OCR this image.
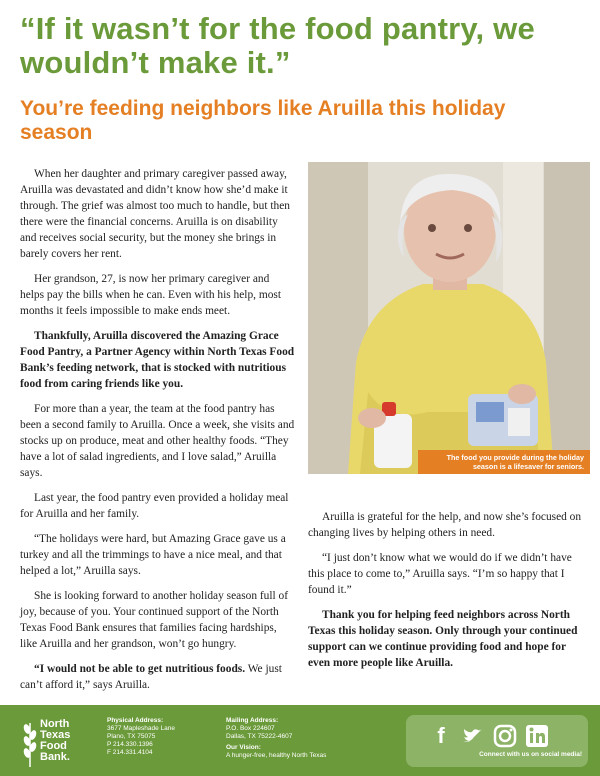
“If it wasn’t for the food pantry, we wouldn’t make it.”
You’re feeding neighbors like Aruilla this holiday season

When her daughter and primary caregiver passed away, Aruilla was devastated and didn’t know how she’d make it through. The grief was almost too much to handle, but then there were the financial concerns. Aruilla is on disability and receives social security, but the money she brings in barely covers her rent.

Her grandson, 27, is now her primary caregiver and helps pay the bills when he can. Even with his help, most months it feels impossible to make ends meet.

Thankfully, Aruilla discovered the Amazing Grace Food Pantry, a Partner Agency within North Texas Food Bank’s feeding network, that is stocked with nutritious food from caring friends like you.

For more than a year, the team at the food pantry has been a second family to Aruilla. Once a week, she visits and stocks up on produce, meat and other healthy foods. “They have a lot of salad ingredients, and I love salad,” Aruilla says.

Last year, the food pantry even provided a holiday meal for Aruilla and her family.

“The holidays were hard, but Amazing Grace gave us a turkey and all the trimmings to have a nice meal, and that helped a lot,” Aruilla says.

She is looking forward to another holiday season full of joy, because of you. Your continued support of the North Texas Food Bank ensures that families facing hardships, like Aruilla and her grandson, won’t go hungry.

“I would not be able to get nutritious foods. We just can’t afford it,” says Aruilla.

The food you provide during the holiday season is a lifesaver for seniors.

Aruilla is grateful for the help, and now she’s focused on changing lives by helping others in need.

“I just don’t know what we would do if we didn’t have this place to come to,” Aruilla says. “I’m so happy that I found it.”

Thank you for helping feed neighbors across North Texas this holiday season. Only through your continued support can we continue providing food and hope for even more people like Aruilla.

North
Texas
Food
Bank.
Physical Address:
3677 Mapleshade Lane
Plano, TX 75075
P 214.330.1396
F 214.331.4104
Mailing Address:
P.O. Box 224607
Dallas, TX 75222-4607
Our Vision:
A hunger-free, healthy North Texas
f
Connect with us on social media!
